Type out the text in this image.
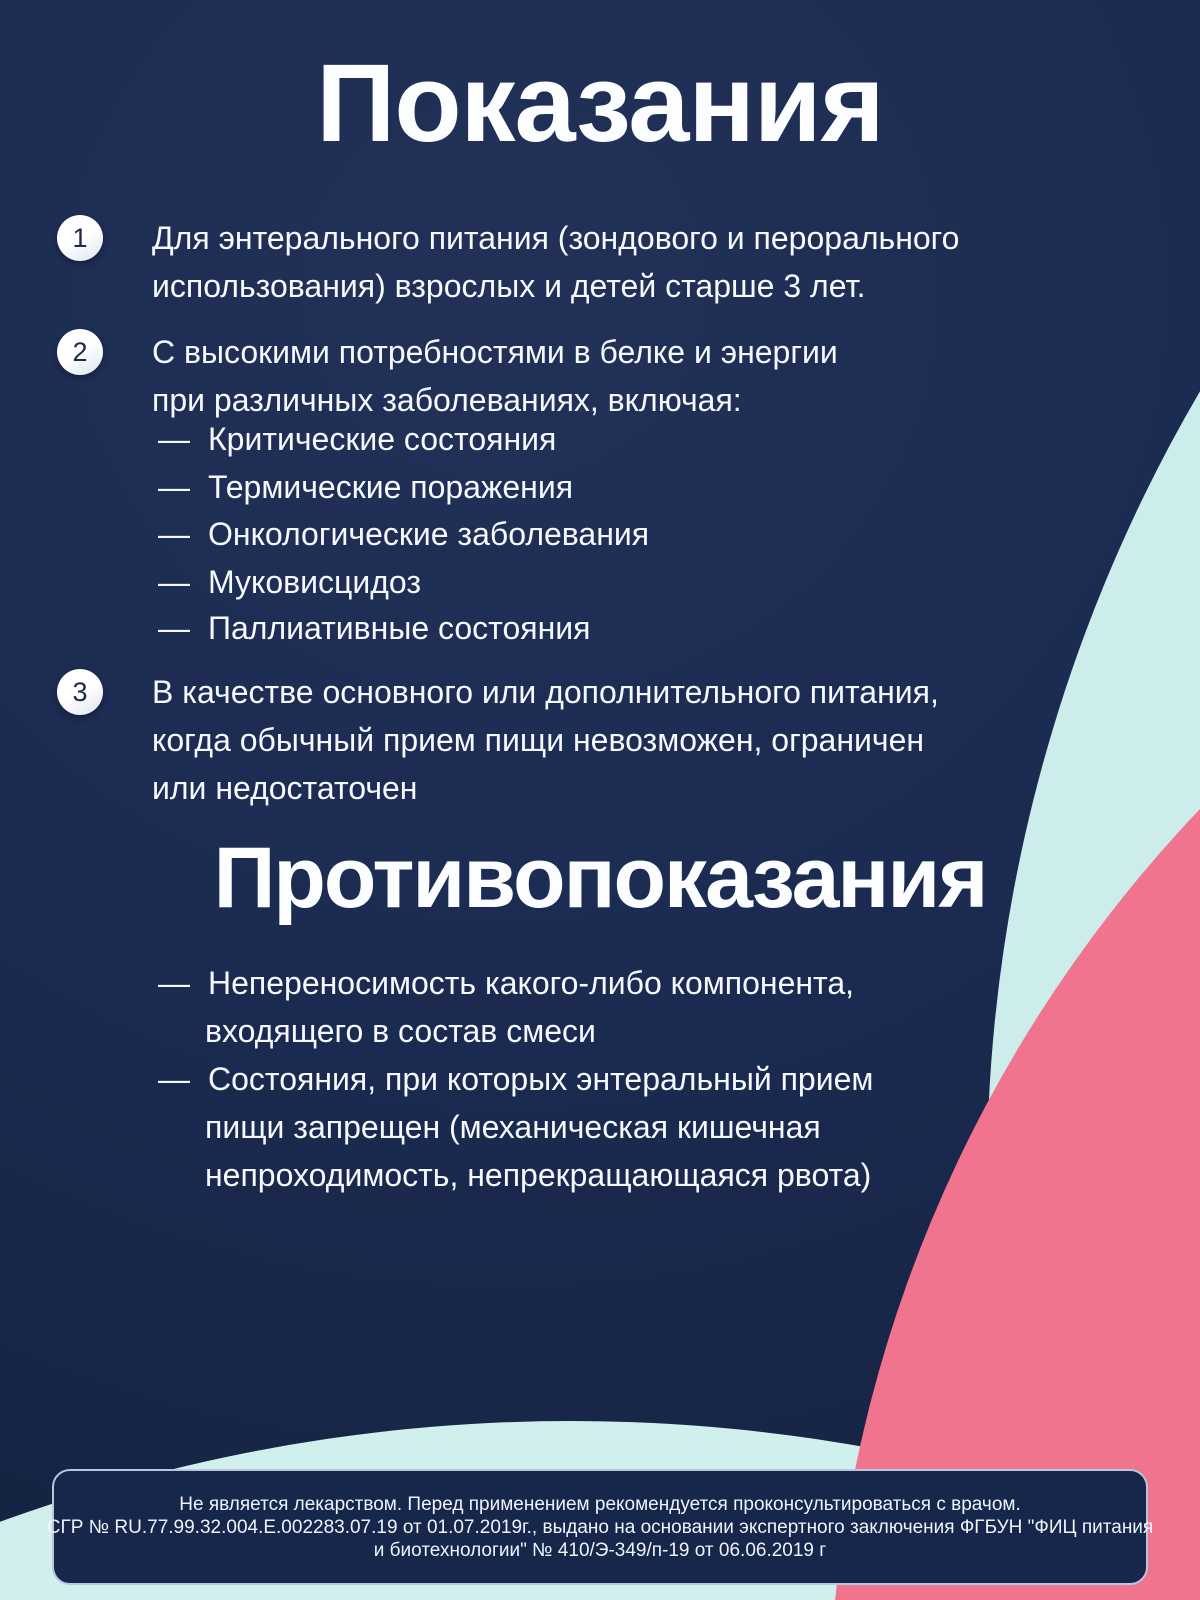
Показания
1 Для энтерального питания (зондового и перорального
использования) взрослых и детей старше 3 лет.
2 С высокими потребностями в белке и энергии
при различных заболеваниях, включая:
— Критические состояния
— Термические поражения
— Онкологические заболевания
— Муковисцидоз
— Паллиативные состояния
3 В качестве основного или дополнительного питания,
когда обычный прием пищи невозможен, ограничен
или недостаточен
Противопоказания
— Непереносимость какого-либо компонента,
входящего в состав смеси
— Состояния, при которых энтеральный прием
пищи запрещен (механическая кишечная
непроходимость, непрекращающаяся рвота)
Не является лекарством. Перед применением рекомендуется проконсультироваться с врачом.
СГР № RU.77.99.32.004.Е.002283.07.19 от 01.07.2019г., выдано на основании экспертного заключения ФГБУН "ФИЦ питания
и биотехнологии" № 410/Э-349/п-19 от 06.06.2019 г
